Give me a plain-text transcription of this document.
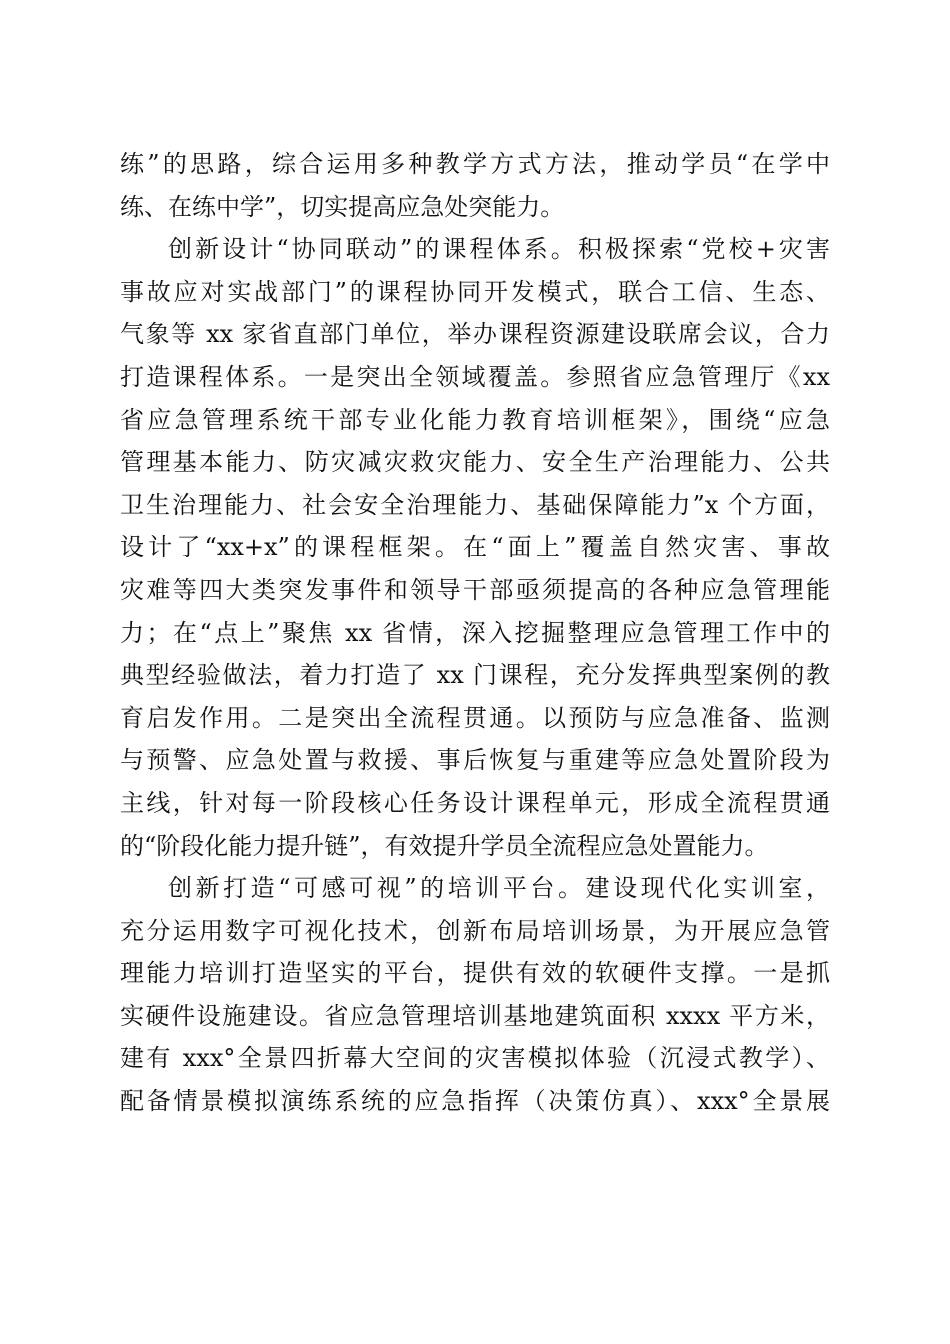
练”的思路，综合运用多种教学方式方法，推动学员“在学中
练、在练中学”，切实提高应急处突能力。
创新设计“协同联动”的课程体系。积极探索“党校+灾害
事故应对实战部门”的课程协同开发模式，联合工信、生态、
气象等 xx 家省直部门单位，举办课程资源建设联席会议，合力
打造课程体系。一是突出全领域覆盖。参照省应急管理厅《xx
省应急管理系统干部专业化能力教育培训框架》，围绕“应急
管理基本能力、防灾减灾救灾能力、安全生产治理能力、公共
卫生治理能力、社会安全治理能力、基础保障能力”x 个方面，
设计了“xx+x”的课程框架。在“面上”覆盖自然灾害、事故
灾难等四大类突发事件和领导干部亟须提高的各种应急管理能
力；在“点上”聚焦 xx 省情，深入挖掘整理应急管理工作中的
典型经验做法，着力打造了 xx 门课程，充分发挥典型案例的教
育启发作用。二是突出全流程贯通。以预防与应急准备、监测
与预警、应急处置与救援、事后恢复与重建等应急处置阶段为
主线，针对每一阶段核心任务设计课程单元，形成全流程贯通
的“阶段化能力提升链”，有效提升学员全流程应急处置能力。
创新打造“可感可视”的培训平台。建设现代化实训室，
充分运用数字可视化技术，创新布局培训场景，为开展应急管
理能力培训打造坚实的平台，提供有效的软硬件支撑。一是抓
实硬件设施建设。省应急管理培训基地建筑面积 xxxx 平方米，
建有 xxx°全景四折幕大空间的灾害模拟体验（沉浸式教学）、
配备情景模拟演练系统的应急指挥（决策仿真）、xxx°全景展
